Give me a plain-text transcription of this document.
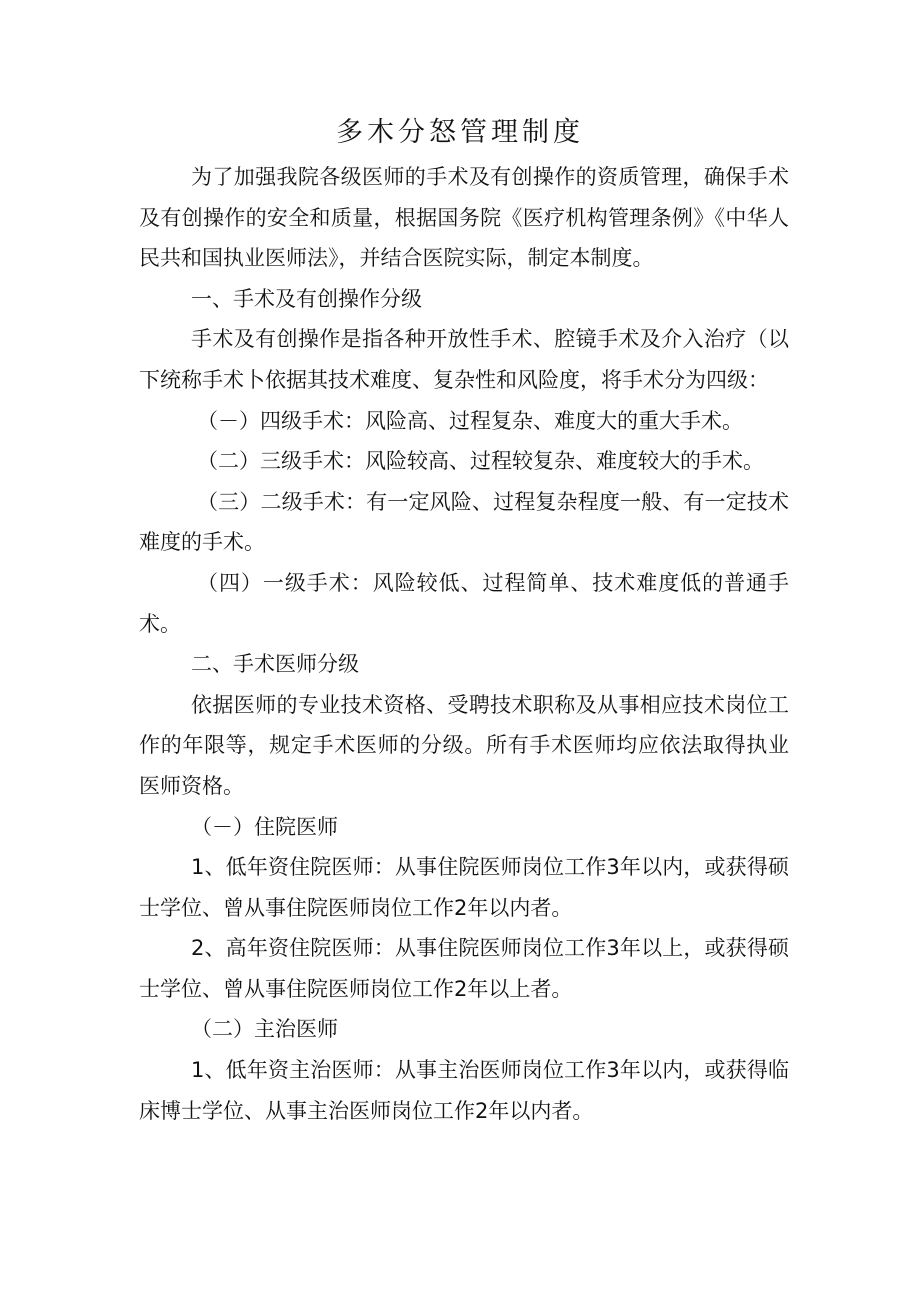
多木分怒管理制度

为了加强我院各级医师的手术及有创操作的资质管理，确保手术及有创操作的安全和质量，根据国务院《医疗机构管理条例》《中华人民共和国执业医师法》，并结合医院实际，制定本制度。

一、手术及有创操作分级

手术及有创操作是指各种开放性手术、腔镜手术及介入治疗（以下统称手术卜依据其技术难度、复杂性和风险度，将手术分为四级：

（－）四级手术：风险高、过程复杂、难度大的重大手术。

（二）三级手术：风险较高、过程较复杂、难度较大的手术。

（三）二级手术：有一定风险、过程复杂程度一般、有一定技术难度的手术。

（四）一级手术：风险较低、过程简单、技术难度低的普通手术。

二、手术医师分级

依据医师的专业技术资格、受聘技术职称及从事相应技术岗位工作的年限等，规定手术医师的分级。所有手术医师均应依法取得执业医师资格。

（－）住院医师

1、低年资住院医师：从事住院医师岗位工作3年以内，或获得硕士学位、曾从事住院医师岗位工作2年以内者。

2、高年资住院医师：从事住院医师岗位工作3年以上，或获得硕士学位、曾从事住院医师岗位工作2年以上者。

（二）主治医师

1、低年资主治医师：从事主治医师岗位工作3年以内，或获得临床博士学位、从事主治医师岗位工作2年以内者。
